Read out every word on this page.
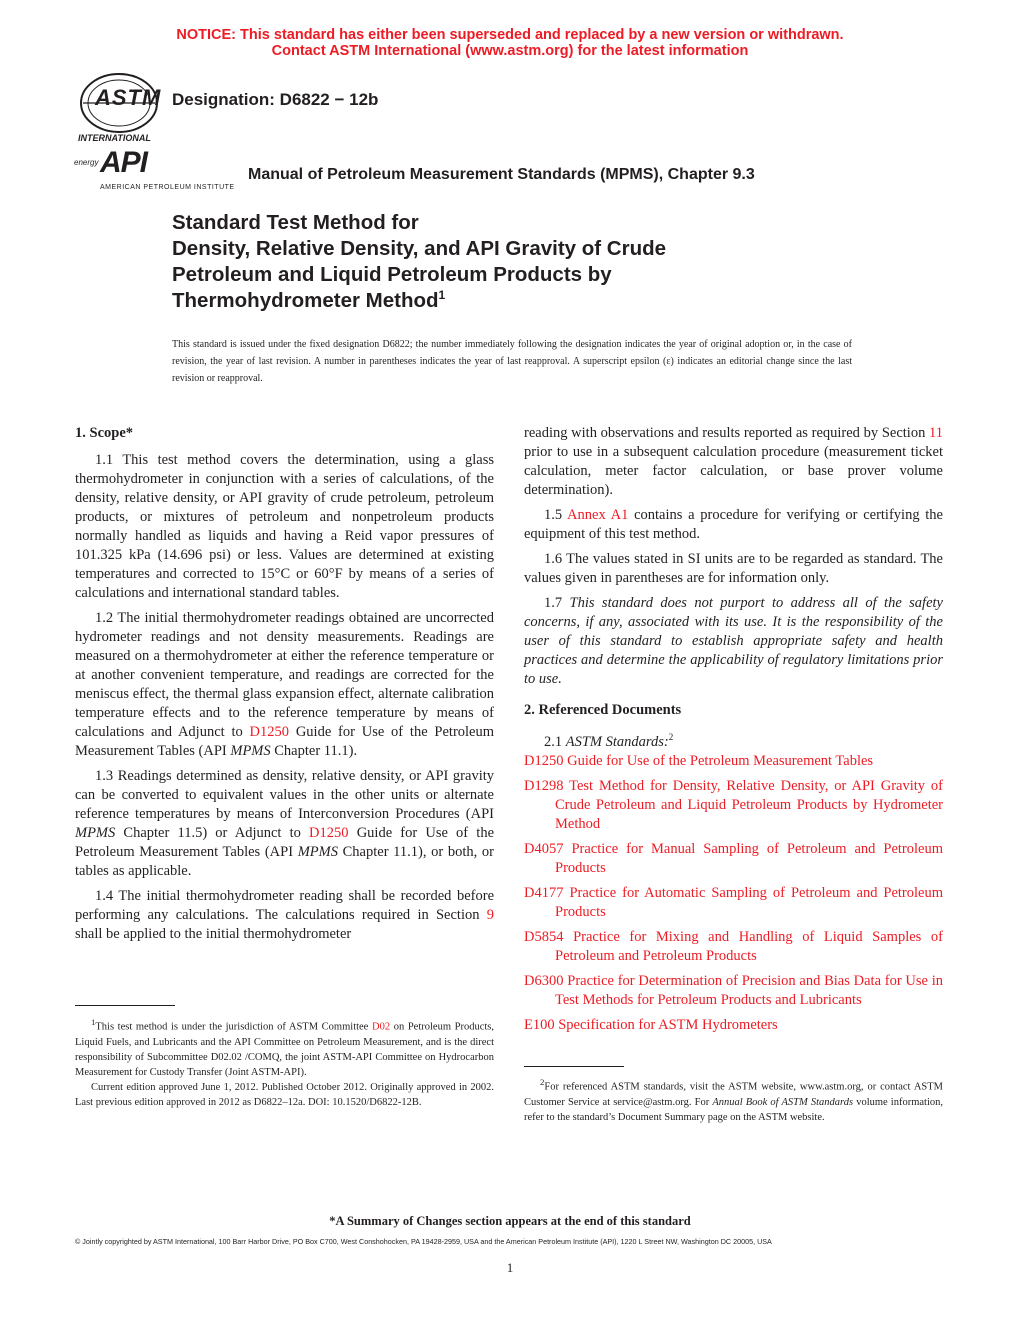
NOTICE: This standard has either been superseded and replaced by a new version or withdrawn.
Contact ASTM International (www.astm.org) for the latest information
ASTM
INTERNATIONAL
Designation: D6822 − 12b
energy API
AMERICAN PETROLEUM INSTITUTE
Manual of Petroleum Measurement Standards (MPMS), Chapter 9.3
Standard Test Method for
Density, Relative Density, and API Gravity of Crude
Petroleum and Liquid Petroleum Products by
Thermohydrometer Method$^1$
This standard is issued under the fixed designation D6822; the number immediately following the designation indicates the year of original adoption or, in the case of revision, the year of last revision. A number in parentheses indicates the year of last reapproval. A superscript epsilon (ε) indicates an editorial change since the last revision or reapproval.
1. Scope*

1.1 This test method covers the determination, using a glass thermohydrometer in conjunction with a series of calculations, of the density, relative density, or API gravity of crude petroleum, petroleum products, or mixtures of petroleum and nonpetroleum products normally handled as liquids and having a Reid vapor pressures of 101.325 kPa (14.696 psi) or less. Values are determined at existing temperatures and corrected to 15°C or 60°F by means of a series of calculations and international standard tables.

1.2 The initial thermohydrometer readings obtained are uncorrected hydrometer readings and not density measurements. Readings are measured on a thermohydrometer at either the reference temperature or at another convenient temperature, and readings are corrected for the meniscus effect, the thermal glass expansion effect, alternate calibration temperature effects and to the reference temperature by means of calculations and Adjunct to D1250 Guide for Use of the Petroleum Measurement Tables (API MPMS Chapter 11.1).

1.3 Readings determined as density, relative density, or API gravity can be converted to equivalent values in the other units or alternate reference temperatures by means of Interconversion Procedures (API MPMS Chapter 11.5) or Adjunct to D1250 Guide for Use of the Petroleum Measurement Tables (API MPMS Chapter 11.1), or both, or tables as applicable.

1.4 The initial thermohydrometer reading shall be recorded before performing any calculations. The calculations required in Section 9 shall be applied to the initial thermohydrometer

$^1$This test method is under the jurisdiction of ASTM Committee D02 on Petroleum Products, Liquid Fuels, and Lubricants and the API Committee on Petroleum Measurement, and is the direct responsibility of Subcommittee D02.02 /COMQ, the joint ASTM-API Committee on Hydrocarbon Measurement for Custody Transfer (Joint ASTM-API).

Current edition approved June 1, 2012. Published October 2012. Originally approved in 2002. Last previous edition approved in 2012 as D6822–12a. DOI: 10.1520/D6822-12B.

reading with observations and results reported as required by Section 11 prior to use in a subsequent calculation procedure (measurement ticket calculation, meter factor calculation, or base prover volume determination).

1.5 Annex A1 contains a procedure for verifying or certifying the equipment of this test method.

1.6 The values stated in SI units are to be regarded as standard. The values given in parentheses are for information only.

1.7 This standard does not purport to address all of the safety concerns, if any, associated with its use. It is the responsibility of the user of this standard to establish appropriate safety and health practices and determine the applicability of regulatory limitations prior to use.

2. Referenced Documents

2.1 ASTM Standards:$^2$

D1250 Guide for Use of the Petroleum Measurement Tables

D1298 Test Method for Density, Relative Density, or API Gravity of Crude Petroleum and Liquid Petroleum Products by Hydrometer Method

D4057 Practice for Manual Sampling of Petroleum and Petroleum Products

D4177 Practice for Automatic Sampling of Petroleum and Petroleum Products

D5854 Practice for Mixing and Handling of Liquid Samples of Petroleum and Petroleum Products

D6300 Practice for Determination of Precision and Bias Data for Use in Test Methods for Petroleum Products and Lubricants

E100 Specification for ASTM Hydrometers

$^2$For referenced ASTM standards, visit the ASTM website, www.astm.org, or contact ASTM Customer Service at service@astm.org. For Annual Book of ASTM Standards volume information, refer to the standard’s Document Summary page on the ASTM website.

*A Summary of Changes section appears at the end of this standard
© Jointly copyrighted by ASTM International, 100 Barr Harbor Drive, PO Box C700, West Conshohocken, PA 19428-2959, USA and the American Petroleum Institute (API), 1220 L Street NW, Washington DC 20005, USA
1
